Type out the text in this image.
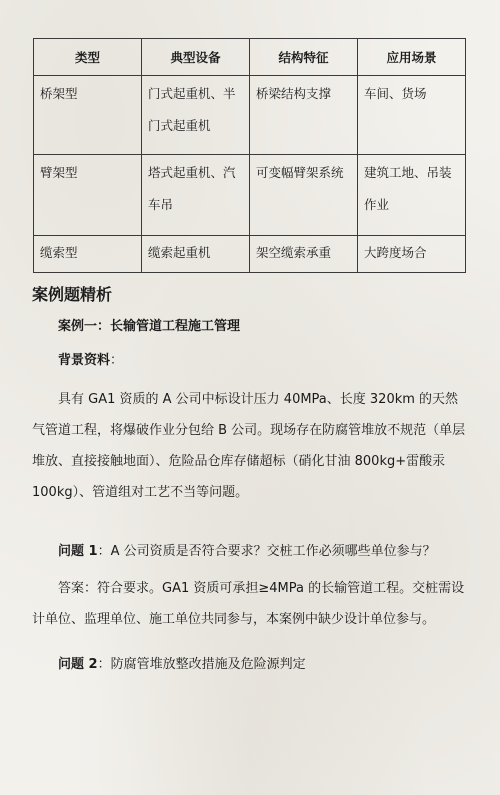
类型	典型设备	结构特征	应用场景
桥架型	门式起重机、半门式起重机	桥梁结构支撑	车间、货场
臂架型	塔式起重机、汽车吊	可变幅臂架系统	建筑工地、吊装作业
缆索型	缆索起重机	架空缆索承重	大跨度场合
案例题精析
案例一：长输管道工程施工管理
背景资料：
具有 GA1 资质的 A 公司中标设计压力 40MPa、长度 320km 的天然气管道工程，将爆破作业分包给 B 公司。现场存在防腐管堆放不规范（单层堆放、直接接触地面）、危险品仓库存储超标（硝化甘油 800kg+雷酸汞 100kg）、管道组对工艺不当等问题。
问题 1：A 公司资质是否符合要求？交桩工作必须哪些单位参与？
答案：符合要求。GA1 资质可承担≥4MPa 的长输管道工程。交桩需设计单位、监理单位、施工单位共同参与，本案例中缺少设计单位参与。
问题 2：防腐管堆放整改措施及危险源判定
